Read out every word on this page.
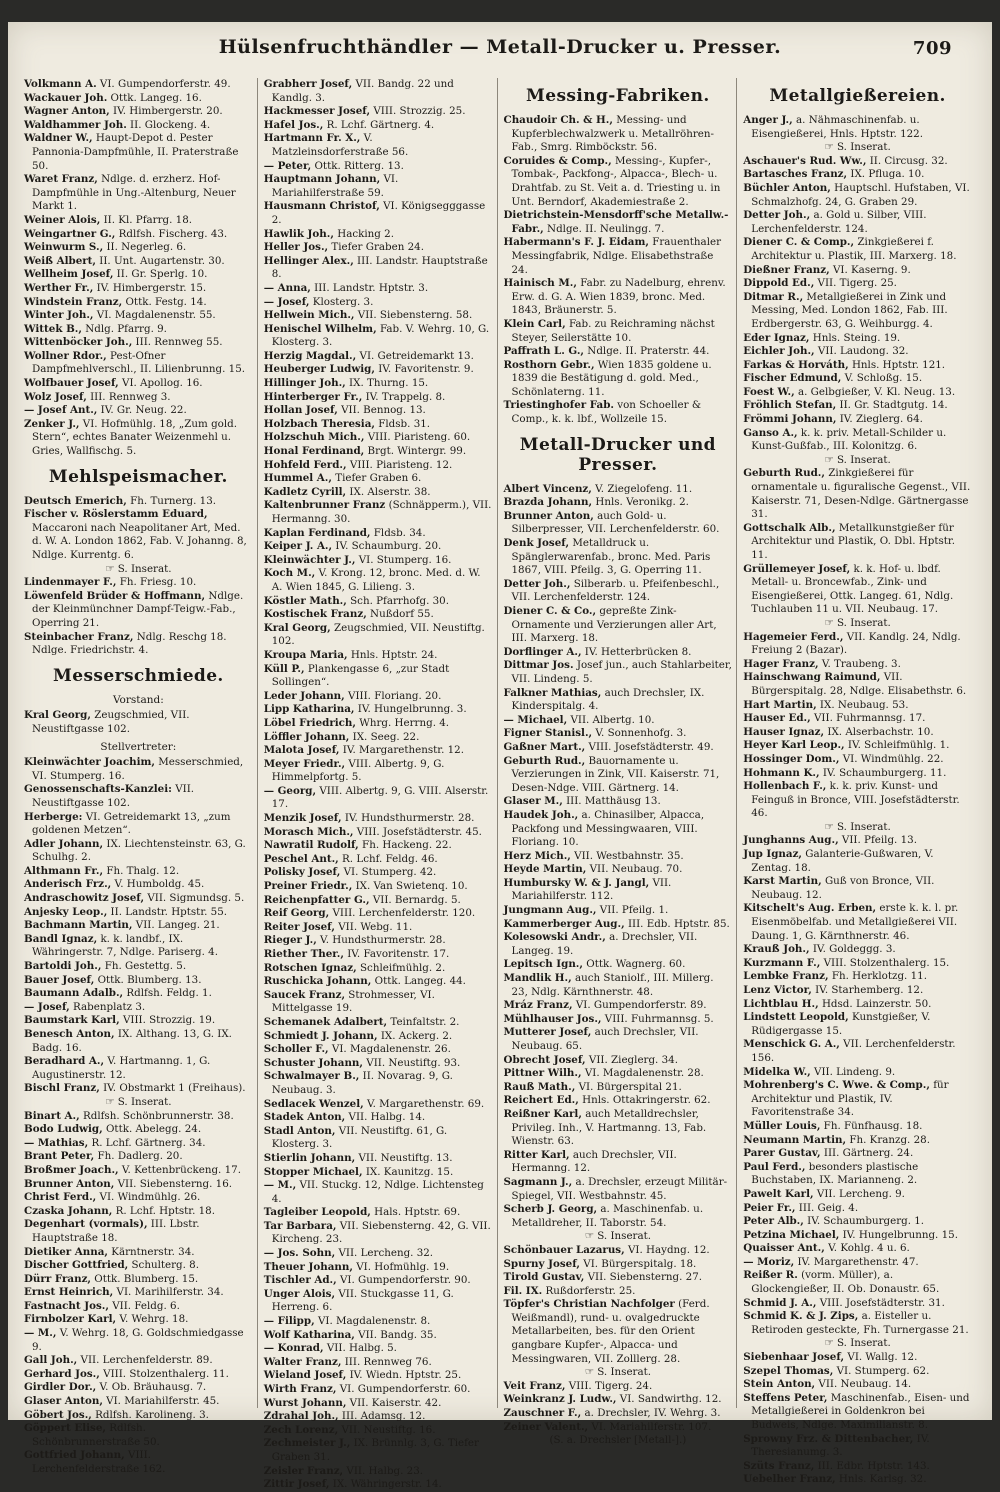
Hülsenfruchthändler — Metall-Drucker u. Presser.	709

Volkmann A. VI. Gumpendorferstr. 49.

Wackauer Joh. Ottk. Langeg. 16.

Wagner Anton, IV. Himbergerstr. 20.

Waldhammer Joh. II. Glockeng. 4.

Waldner W., Haupt-Depot d. Pester Pannonia-Dampfmühle, II. Praterstraße 50.

Waret Franz, Ndlge. d. erzherz. Hof-Dampfmühle in Ung.-Altenburg, Neuer Markt 1.

Weiner Alois, II. Kl. Pfarrg. 18.

Weingartner G., Rdlfsh. Fischerg. 43.

Weinwurm S., II. Negerleg. 6.

Weiß Albert, II. Unt. Augartenstr. 30.

Wellheim Josef, II. Gr. Sperlg. 10.

Werther Fr., IV. Himbergerstr. 15.

Windstein Franz, Ottk. Festg. 14.

Winter Joh., VI. Magdalenenstr. 55.

Wittek B., Ndlg. Pfarrg. 9.

Wittenböcker Joh., III. Rennweg 55.

Wollner Rdor., Pest-Ofner Dampfmehlverschl., II. Lilienbrunng. 15.

Wolfbauer Josef, VI. Apollog. 16.

Wolz Josef, III. Rennweg 3.

— Josef Ant., IV. Gr. Neug. 22.

Zenker J., VI. Hofmühlg. 18, „Zum gold. Stern“, echtes Banater Weizenmehl u. Gries, Wallfischg. 5.

Mehlspeismacher.

Deutsch Emerich, Fh. Turnerg. 13.

Fischer v. Röslerstamm Eduard, Maccaroni nach Neapolitaner Art, Med. d. W. A. London 1862, Fab. V. Johanng. 8, Ndlge. Kurrentg. 6.

☞ S. Inserat.

Lindenmayer F., Fh. Friesg. 10.

Löwenfeld Brüder & Hoffmann, Ndlge. der Kleinmünchner Dampf-Teigw.-Fab., Operring 21.

Steinbacher Franz, Ndlg. Reschg 18. Ndlge. Friedrichstr. 4.

Messerschmiede.
Vorstand:

Kral Georg, Zeugschmied, VII. Neustiftgasse 102.

Stellvertreter:

Kleinwächter Joachim, Messerschmied, VI. Stumperg. 16.

Genossenschafts-Kanzlei: VII. Neustiftgasse 102.

Herberge: VI. Getreidemarkt 13, „zum goldenen Metzen“.

Adler Johann, IX. Liechtensteinstr. 63, G. Schulhg. 2.

Althmann Fr., Fh. Thalg. 12.

Anderisch Frz., V. Humboldg. 45.

Andraschowitz Josef, VII. Sigmundsg. 5.

Anjesky Leop., II. Landstr. Hptstr. 55.

Bachmann Martin, VII. Langeg. 21.

Bandl Ignaz, k. k. landbf., IX. Währingerstr. 7, Ndlge. Pariserg. 4.

Bartoldi Joh., Fh. Gestettg. 5.

Bauer Josef, Ottk. Blumberg. 13.

Baumann Adalb., Rdlfsh. Feldg. 1.

— Josef, Rabenplatz 3.

Baumstark Karl, VIII. Strozzig. 19.

Benesch Anton, IX. Althang. 13, G. IX. Badg. 16.

Beradhard A., V. Hartmanng. 1, G. Augustinerstr. 12.

Bischl Franz, IV. Obstmarkt 1 (Freihaus).

☞ S. Inserat.

Binart A., Rdlfsh. Schönbrunnerstr. 38.

Bodo Ludwig, Ottk. Abelegg. 24.

— Mathias, R. Lchf. Gärtnerg. 34.

Brant Peter, Fh. Dadlerg. 20.

Broßmer Joach., V. Kettenbrückeng. 17.

Brunner Anton, VII. Siebensterng. 16.

Christ Ferd., VI. Windmühlg. 26.

Czaska Johann, R. Lchf. Hptstr. 18.

Degenhart (vormals), III. Lbstr. Hauptstraße 18.

Dietiker Anna, Kärntnerstr. 34.

Discher Gottfried, Schulterg. 8.

Dürr Franz, Ottk. Blumberg. 15.

Ernst Heinrich, VI. Marihilferstr. 34.

Fastnacht Jos., VII. Feldg. 6.

Firnbolzer Karl, V. Wehrg. 18.

— M., V. Wehrg. 18, G. Goldschmiedgasse 9.

Gall Joh., VII. Lerchenfelderstr. 89.

Gerhard Jos., VIII. Stolzenthalerg. 11.

Girdler Dor., V. Ob. Bräuhausg. 7.

Glaser Anton, VI. Mariahilferstr. 45.

Göbert Jos., Rdlfsh. Karolineng. 3.

Göppert Elise, Rdlfsh. Schönbrunnerstraße 50.

Gottfried Johann, VIII. Lerchenfelderstraße 162.

Grabherr Josef, VII. Bandg. 22 und Kandlg. 3.

Hackmesser Josef, VIII. Strozzig. 25.

Hafel Jos., R. Lchf. Gärtnerg. 4.

Hartmann Fr. X., V. Matzleinsdorferstraße 56.

— Peter, Ottk. Ritterg. 13.

Hauptmann Johann, VI. Mariahilferstraße 59.

Hausmann Christof, VI. Königsegggasse 2.

Hawlik Joh., Hacking 2.

Heller Jos., Tiefer Graben 24.

Hellinger Alex., III. Landstr. Hauptstraße 8.

— Anna, III. Landstr. Hptstr. 3.

— Josef, Klosterg. 3.

Hellwein Mich., VII. Siebensterng. 58.

Henischel Wilhelm, Fab. V. Wehrg. 10, G. Klosterg. 3.

Herzig Magdal., VI. Getreidemarkt 13.

Heuberger Ludwig, IV. Favoritenstr. 9.

Hillinger Joh., IX. Thurng. 15.

Hinterberger Fr., IV. Trappelg. 8.

Hollan Josef, VII. Bennog. 13.

Holzbach Theresia, Fldsb. 31.

Holzschuh Mich., VIII. Piaristeng. 60.

Honal Ferdinand, Brgt. Wintergr. 99.

Hohfeld Ferd., VIII. Piaristeng. 12.

Hummel A., Tiefer Graben 6.

Kadletz Cyrill, IX. Alserstr. 38.

Kaltenbrunner Franz (Schnäpperm.), VII. Hermanng. 30.

Kaplan Ferdinand, Fldsb. 34.

Keiper J. A., IV. Schaumburg. 20.

Kleinwächter J., VI. Stumperg. 16.

Koch M., V. Krong. 12, bronc. Med. d. W. A. Wien 1845, G. Lilieng. 3.

Köstler Math., Sch. Pfarrhofg. 30.

Kostischek Franz, Nußdorf 55.

Kral Georg, Zeugschmied, VII. Neustiftg. 102.

Kroupa Maria, Hnls. Hptstr. 24.

Küll P., Plankengasse 6, „zur Stadt Sollingen“.

Leder Johann, VIII. Floriang. 20.

Lipp Katharina, IV. Hungelbrunng. 3.

Löbel Friedrich, Whrg. Herrng. 4.

Löffler Johann, IX. Seeg. 22.

Malota Josef, IV. Margarethenstr. 12.

Meyer Friedr., VIII. Albertg. 9, G. Himmelpfortg. 5.

— Georg, VIII. Albertg. 9, G. VIII. Alserstr. 17.

Menzik Josef, IV. Hundsthurmerstr. 28.

Morasch Mich., VIII. Josefstädterstr. 45.

Nawratil Rudolf, Fh. Hackeng. 22.

Peschel Ant., R. Lchf. Feldg. 46.

Polisky Josef, VI. Stumperg. 42.

Preiner Friedr., IX. Van Swietenq. 10.

Reichenpfatter G., VII. Bernardg. 5.

Reif Georg, VIII. Lerchenfelderstr. 120.

Reiter Josef, VII. Webg. 11.

Rieger J., V. Hundsthurmerstr. 28.

Riether Ther., IV. Favoritenstr. 17.

Rotschen Ignaz, Schleifmühlg. 2.

Ruschicka Johann, Ottk. Langeg. 44.

Saucek Franz, Strohmesser, VI. Mittelgasse 19.

Schemanek Adalbert, Teinfaltstr. 2.

Schmiedt J. Johann, IX. Ackerg. 2.

Scholler F., VI. Magdalenenstr. 26.

Schuster Johann, VII. Neustiftg. 93.

Schwalmayer B., II. Novarag. 9, G. Neubaug. 3.

Sedlacek Wenzel, V. Margarethenstr. 69.

Stadek Anton, VII. Halbg. 14.

Stadl Anton, VII. Neustiftg. 61, G. Klosterg. 3.

Stierlin Johann, VII. Neustiftg. 13.

Stopper Michael, IX. Kaunitzg. 15.

— M., VII. Stuckg. 12, Ndlge. Lichtensteg 4.

Tagleiber Leopold, Hals. Hptstr. 69.

Tar Barbara, VII. Siebensterng. 42, G. VII. Kircheng. 23.

— Jos. Sohn, VII. Lercheng. 32.

Theuer Johann, VI. Hofmühlg. 19.

Tischler Ad., VI. Gumpendorferstr. 90.

Unger Alois, VII. Stuckgasse 11, G. Herreng. 6.

— Filipp, VI. Magdalenenstr. 8.

Wolf Katharina, VII. Bandg. 35.

— Konrad, VII. Halbg. 5.

Walter Franz, III. Rennweg 76.

Wieland Josef, IV. Wiedn. Hptstr. 25.

Wirth Franz, VI. Gumpendorferstr. 60.

Wurst Johann, VII. Kaiserstr. 42.

Zdrahal Joh., III. Adamsg. 12.

Zech Lorenz, VII. Neustiftg. 16.

Zechmeister J., IX. Brünnlg. 3, G. Tiefer Graben 31.

Zeisler Franz, VII. Halbg. 23.

Zittir Josef, IX. Währingerstr. 14.

Messing-Fabriken.

Chaudoir Ch. & H., Messing- und Kupferblechwalzwerk u. Metallröhren-Fab., Smrg. Rimböckstr. 56.

Coruides & Comp., Messing-, Kupfer-, Tombak-, Packfong-, Alpacca-, Blech- u. Drahtfab. zu St. Veit a. d. Triesting u. in Unt. Berndorf, Akademiestraße 2.

Dietrichstein-Mensdorff'sche Metallw.-Fabr., Ndlge. II. Neulingg. 7.

Habermann's F. J. Eidam, Frauenthaler Messingfabrik, Ndlge. Elisabethstraße 24.

Hainisch M., Fabr. zu Nadelburg, ehrenv. Erw. d. G. A. Wien 1839, bronc. Med. 1843, Bräunerstr. 5.

Klein Carl, Fab. zu Reichraming nächst Steyer, Seilerstätte 10.

Paffrath L. G., Ndlge. II. Praterstr. 44.

Rosthorn Gebr., Wien 1835 goldene u. 1839 die Bestätigung d. gold. Med., Schönlaterng. 11.

Triestinghofer Fab. von Schoeller & Comp., k. k. lbf., Wollzeile 15.

Metall-Drucker und Presser.

Albert Vincenz, V. Ziegelofeng. 11.

Brazda Johann, Hnls. Veronikg. 2.

Brunner Anton, auch Gold- u. Silberpresser, VII. Lerchenfelderstr. 60.

Denk Josef, Metalldruck u. Spänglerwarenfab., bronc. Med. Paris 1867, VIII. Pfeilg. 3, G. Operring 11.

Detter Joh., Silberarb. u. Pfeifenbeschl., VII. Lerchenfelderstr. 124.

Diener C. & Co., gepreßte Zink-Ornamente und Verzierungen aller Art, III. Marxerg. 18.

Dorflinger A., IV. Hetterbrücken 8.

Dittmar Jos. Josef jun., auch Stahlarbeiter, VII. Lindeng. 5.

Falkner Mathias, auch Drechsler, IX. Kinderspitalg. 4.

— Michael, VII. Albertg. 10.

Figner Stanisl., V. Sonnenhofg. 3.

Gaßner Mart., VIII. Josefstädterstr. 49.

Geburth Rud., Bauornamente u. Verzierungen in Zink, VII. Kaiserstr. 71, Desen-Ndge. VIII. Gärtnerg. 14.

Glaser M., III. Matthäusg 13.

Haudek Joh., a. Chinasilber, Alpacca, Packfong und Messingwaaren, VIII. Floriang. 10.

Herz Mich., VII. Westbahnstr. 35.

Heyde Martin, VII. Neubaug. 70.

Humbursky W. & J. Jangl, VII. Mariahilferstr. 112.

Jungmann Aug., VII. Pfeilg. 1.

Kammerberger Aug., III. Edb. Hptstr. 85.

Kolesowski Andr., a. Drechsler, VII. Langeg. 19.

Lepitsch Ign., Ottk. Wagnerg. 60.

Mandlik H., auch Staniolf., III. Millerg. 23, Ndlg. Kärnthnerstr. 48.

Mráz Franz, VI. Gumpendorferstr. 89.

Mühlhauser Jos., VIII. Fuhrmannsg. 5.

Mutterer Josef, auch Drechsler, VII. Neubaug. 65.

Obrecht Josef, VII. Zieglerg. 34.

Pittner Wilh., VI. Magdalenenstr. 28.

Rauß Math., VI. Bürgerspital 21.

Reichert Ed., Hnls. Ottakringerstr. 62.

Reißner Karl, auch Metalldrechsler, Privileg. Inh., V. Hartmanng. 13, Fab. Wienstr. 63.

Ritter Karl, auch Drechsler, VII. Hermanng. 12.

Sagmann J., a. Drechsler, erzeugt Militär-Spiegel, VII. Westbahnstr. 45.

Scherb J. Georg, a. Maschinenfab. u. Metalldreher, II. Taborstr. 54.

☞ S. Inserat.

Schönbauer Lazarus, VI. Haydng. 12.

Spurny Josef, VI. Bürgerspitalg. 18.

Tirold Gustav, VII. Siebensterng. 27.

Fil. IX. Rußdorferstr. 25.

Töpfer's Christian Nachfolger (Ferd. Weißmandl), rund- u. ovalgedruckte Metallarbeiten, bes. für den Orient gangbare Kupfer-, Alpacca- und Messingwaren, VII. Zolllerg. 28.

☞ S. Inserat.

Veit Franz, VIII. Tigerg. 24.

Weinkranz J. Ludw., VI. Sandwirthg. 12.

Zauschner F., a. Drechsler, IV. Wehrg. 3.

Zeiner Valent., VI. Mariahilferstr. 107.

(S. a. Drechsler [Metall-].)
Metallgießereien.

Anger J., a. Nähmaschinenfab. u. Eisengießerei, Hnls. Hptstr. 122.

☞ S. Inserat.

Aschauer's Rud. Ww., II. Circusg. 32.

Bartasches Franz, IX. Pfluga. 10.

Büchler Anton, Hauptschl. Hufstaben, VI. Schmalzhofg. 24, G. Graben 29.

Detter Joh., a. Gold u. Silber, VIII. Lerchenfelderstr. 124.

Diener C. & Comp., Zinkgießerei f. Architektur u. Plastik, III. Marxerg. 18.

Dießner Franz, VI. Kaserng. 9.

Dippold Ed., VII. Tigerg. 25.

Ditmar R., Metallgießerei in Zink und Messing, Med. London 1862, Fab. III. Erdbergerstr. 63, G. Weihburgg. 4.

Eder Ignaz, Hnls. Steing. 19.

Eichler Joh., VII. Laudong. 32.

Farkas & Horváth, Hnls. Hptstr. 121.

Fischer Edmund, V. Schloßg. 15.

Foest W., a. Gelbgießer, V. Kl. Neug. 13.

Fröhlich Stefan, II. Gr. Stadtgutg. 14.

Frömmi Johann, IV. Zieglerg. 64.

Ganso A., k. k. priv. Metall-Schilder u. Kunst-Gußfab., III. Kolonitzg. 6.

☞ S. Inserat.

Geburth Rud., Zinkgießerei für ornamentale u. figuralische Gegenst., VII. Kaiserstr. 71, Desen-Ndlge. Gärtnergasse 31.

Gottschalk Alb., Metallkunstgießer für Architektur und Plastik, O. Dbl. Hptstr. 11.

Grüllemeyer Josef, k. k. Hof- u. lbdf. Metall- u. Broncewfab., Zink- und Eisengießerei, Ottk. Langeg. 61, Ndlg. Tuchlauben 11 u. VII. Neubaug. 17.

☞ S. Inserat.

Hagemeier Ferd., VII. Kandlg. 24, Ndlg. Freiung 2 (Bazar).

Hager Franz, V. Traubeng. 3.

Hainschwang Raimund, VII. Bürgerspitalg. 28, Ndlge. Elisabethstr. 6.

Hart Martin, IX. Neubaug. 53.

Hauser Ed., VII. Fuhrmannsg. 17.

Hauser Ignaz, IX. Alserbachstr. 10.

Heyer Karl Leop., IV. Schleifmühlg. 1.

Hossinger Dom., VI. Windmühlg. 22.

Hohmann K., IV. Schaumburgerg. 11.

Hollenbach F., k. k. priv. Kunst- und Feinguß in Bronce, VIII. Josefstädterstr. 46.

☞ S. Inserat.

Junghanns Aug., VII. Pfeilg. 13.

Jup Ignaz, Galanterie-Gußwaren, V. Zentag. 18.

Karst Martin, Guß von Bronce, VII. Neubaug. 12.

Kitschelt's Aug. Erben, erste k. k. l. pr. Eisenmöbelfab. und Metallgießerei VII. Daung. 1, G. Kärnthnerstr. 46.

Krauß Joh., IV. Goldeggg. 3.

Kurzmann F., VIII. Stolzenthalerg. 15.

Lembke Franz, Fh. Herklotzg. 11.

Lenz Victor, IV. Starhemberg. 12.

Lichtblau H., Hdsd. Lainzerstr. 50.

Lindstett Leopold, Kunstgießer, V. Rüdigergasse 15.

Menschick G. A., VII. Lerchenfelderstr. 156.

Midelka W., VII. Lindeng. 9.

Mohrenberg's C. Wwe. & Comp., für Architektur und Plastik, IV. Favoritenstraße 34.

Müller Louis, Fh. Fünfhausg. 18.

Neumann Martin, Fh. Kranzg. 28.

Parer Gustav, III. Gärtnerg. 24.

Paul Ferd., besonders plastische Buchstaben, IX. Marianneng. 2.

Pawelt Karl, VII. Lercheng. 9.

Peier Fr., III. Geig. 4.

Peter Alb., IV. Schaumburgerg. 1.

Petzina Michael, IV. Hungelbrunng. 15.

Quaisser Ant., V. Kohlg. 4 u. 6.

— Moriz, IV. Margarethenstr. 47.

Reißer R. (vorm. Müller), a. Glockengießer, II. Ob. Donaustr. 65.

Schmid J. A., VIII. Josefstädterstr. 31.

Schmid K. & J. Zips, a. Eisteller u. Retiroden gesteckte, Fh. Turnergasse 21.

☞ S. Inserat.

Siebenhaar Josef, VI. Wallg. 12.

Szepel Thomas, VI. Stumperg. 62.

Stein Anton, VII. Neubaug. 14.

Steffens Peter, Maschinenfab., Eisen- und Metallgießerei in Goldenkron bei Budweis, Ndlge. Maximilianstr. 8.

Sprowny Frz. & Dittenbacher, IV. Theresianumg. 3.

Szüts Franz, III. Edbr. Hptstr. 143.

Uebelher Franz, Hnls. Karlsg. 32.
